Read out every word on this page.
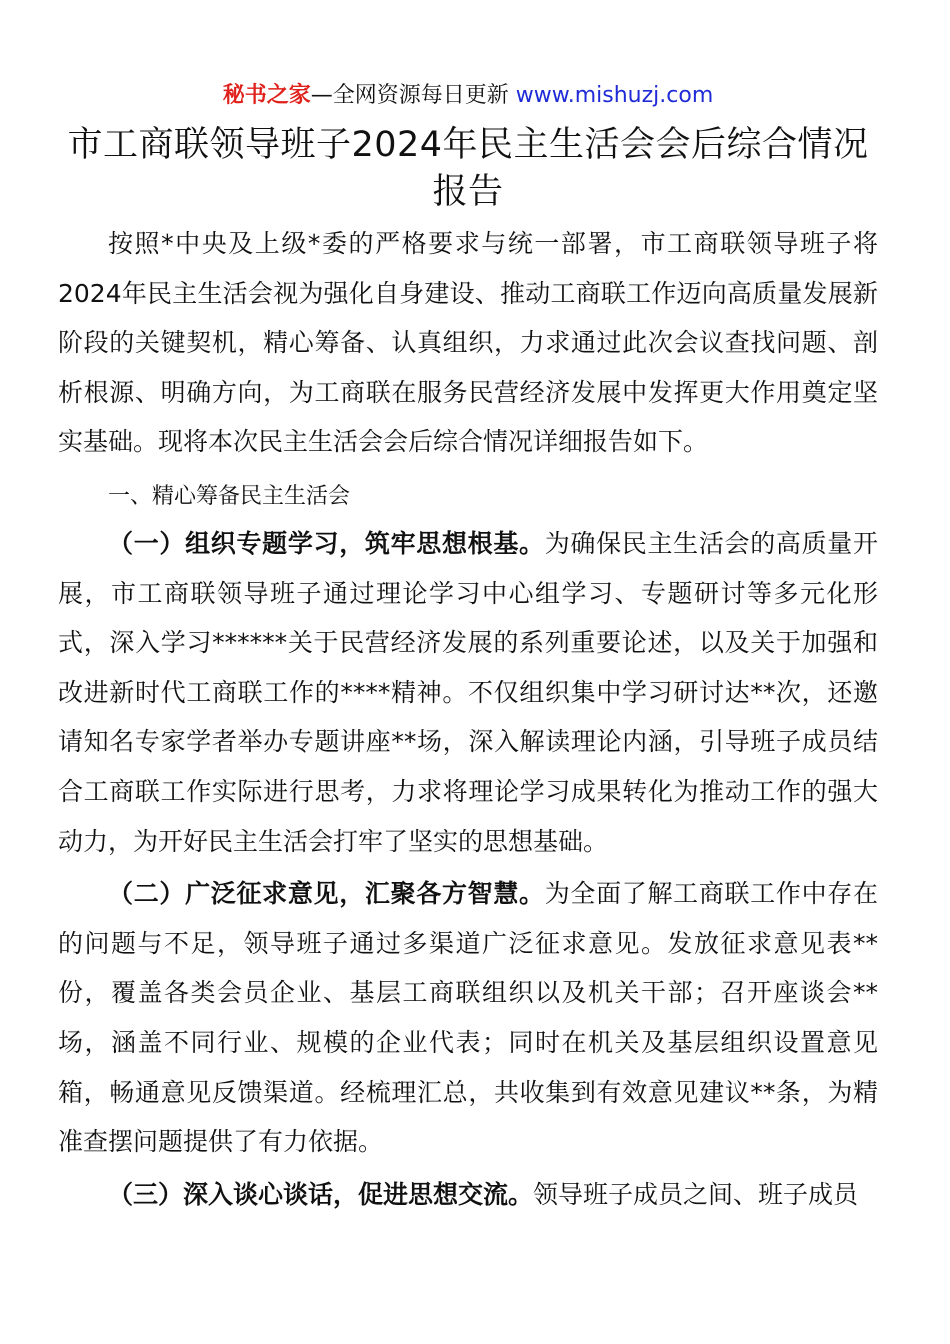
秘书之家—全网资源每日更新 www.mishuzj.com
市工商联领导班子2024年民主生活会会后综合情况报告

按照*中央及上级*委的严格要求与统一部署，市工商联领导班子将2024年民主生活会视为强化自身建设、推动工商联工作迈向高质量发展新阶段的关键契机，精心筹备、认真组织，力求通过此次会议查找问题、剖析根源、明确方向，为工商联在服务民营经济发展中发挥更大作用奠定坚实基础。现将本次民主生活会会后综合情况详细报告如下。

一、精心筹备民主生活会

（一）组织专题学习，筑牢思想根基。为确保民主生活会的高质量开展，市工商联领导班子通过理论学习中心组学习、专题研讨等多元化形式，深入学习******关于民营经济发展的系列重要论述，以及关于加强和改进新时代工商联工作的****精神。不仅组织集中学习研讨达**次，还邀请知名专家学者举办专题讲座**场，深入解读理论内涵，引导班子成员结合工商联工作实际进行思考，力求将理论学习成果转化为推动工作的强大动力，为开好民主生活会打牢了坚实的思想基础。

（二）广泛征求意见，汇聚各方智慧。为全面了解工商联工作中存在的问题与不足，领导班子通过多渠道广泛征求意见。发放征求意见表**份，覆盖各类会员企业、基层工商联组织以及机关干部；召开座谈会**场，涵盖不同行业、规模的企业代表；同时在机关及基层组织设置意见箱，畅通意见反馈渠道。经梳理汇总，共收集到有效意见建议**条，为精准查摆问题提供了有力依据。

（三）深入谈心谈话，促进思想交流。领导班子成员之间、班子成员
